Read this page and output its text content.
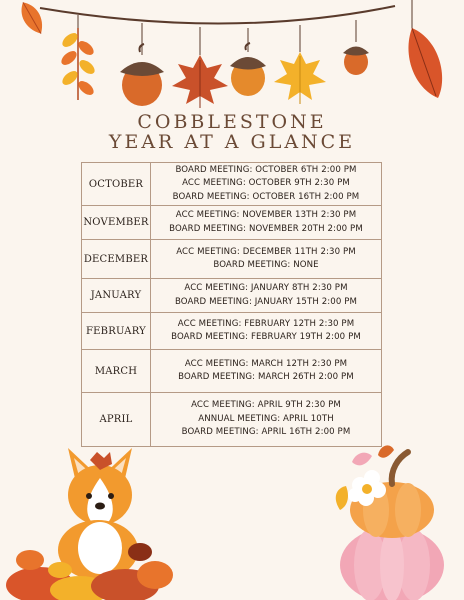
COBBLESTONE
YEAR AT A GLANCE
OCTOBER	BOARD MEETING: OCTOBER 6TH 2:00 PM
ACC MEETING: OCTOBER 9TH 2:30 PM
BOARD MEETING: OCTOBER 16TH 2:00 PM

NOVEMBER	ACC MEETING: NOVEMBER 13TH 2:30 PM
BOARD MEETING: NOVEMBER 20TH 2:00 PM

DECEMBER	ACC MEETING: DECEMBER 11TH 2:30 PM
BOARD MEETING: NONE

JANUARY	ACC MEETING: JANUARY 8TH 2:30 PM
BOARD MEETING: JANUARY 15TH 2:00 PM

FEBRUARY	ACC MEETING: FEBRUARY 12TH 2:30 PM
BOARD MEETING: FEBRUARY 19TH 2:00 PM

MARCH	ACC MEETING: MARCH 12TH 2:30 PM
BOARD MEETING: MARCH 26TH 2:00 PM

APRIL	ACC MEETING: APRIL 9TH 2:30 PM
ANNUAL MEETING: APRIL 10TH
BOARD MEETING: APRIL 16TH 2:00 PM
